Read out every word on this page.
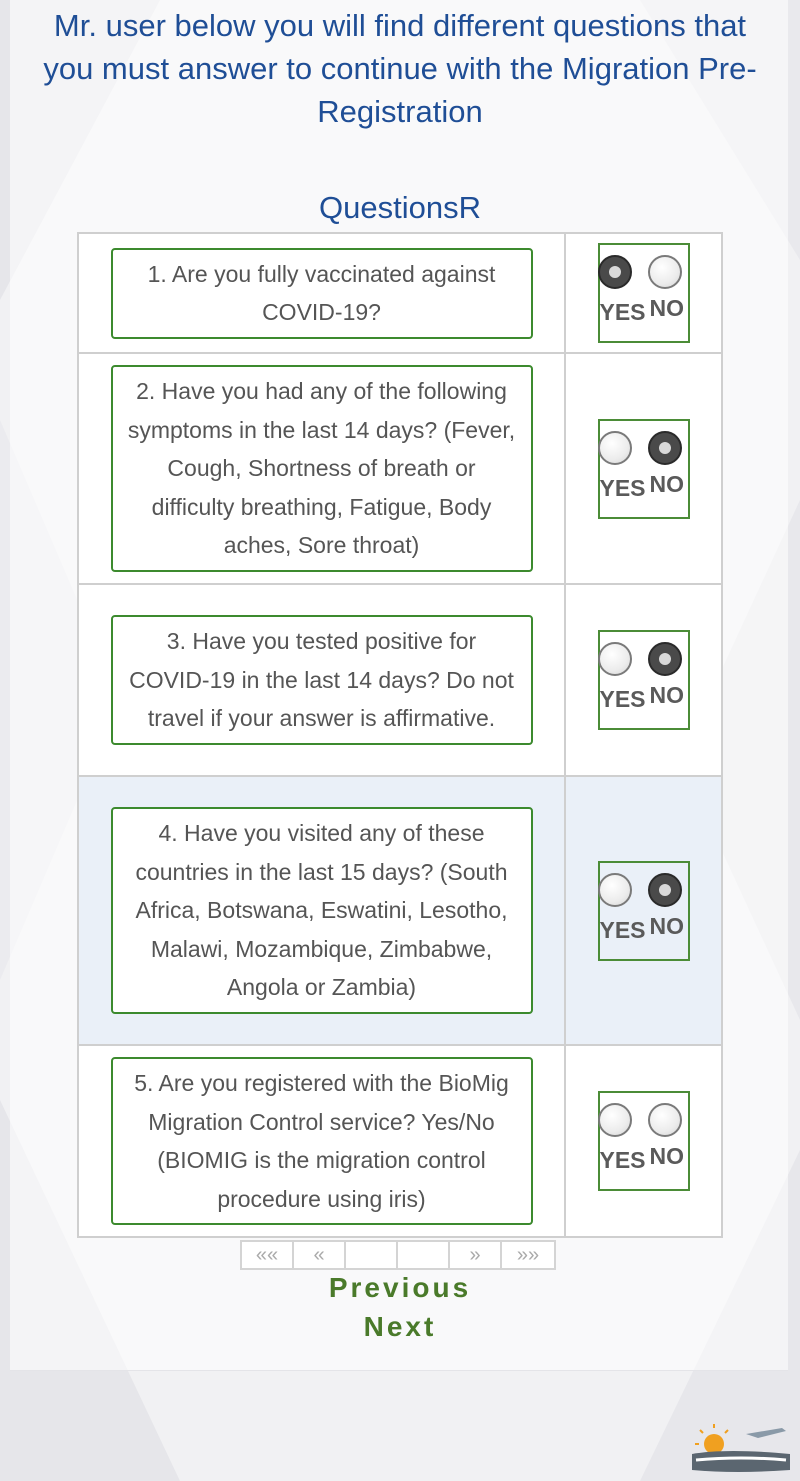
Mr. user below you will find different questions that you must answer to continue with the Migration Pre-Registration
QuestionsR
1. Are you fully vaccinated against COVID-19?	YES NO
2. Have you had any of the following symptoms in the last 14 days? (Fever, Cough, Shortness of breath or difficulty breathing, Fatigue, Body aches, Sore throat)
YES NO
3. Have you tested positive for COVID-19 in the last 14 days? Do not travel if your answer is affirmative.
YES NO
4. Have you visited any of these countries in the last 15 days? (South Africa, Botswana, Eswatini, Lesotho, Malawi, Mozambique, Zimbabwe, Angola or Zambia)
YES NO
5. Are you registered with the BioMig Migration Control service? Yes/No (BIOMIG is the migration control procedure using iris)
YES NO
««	«	»	»»
Previous
Next
